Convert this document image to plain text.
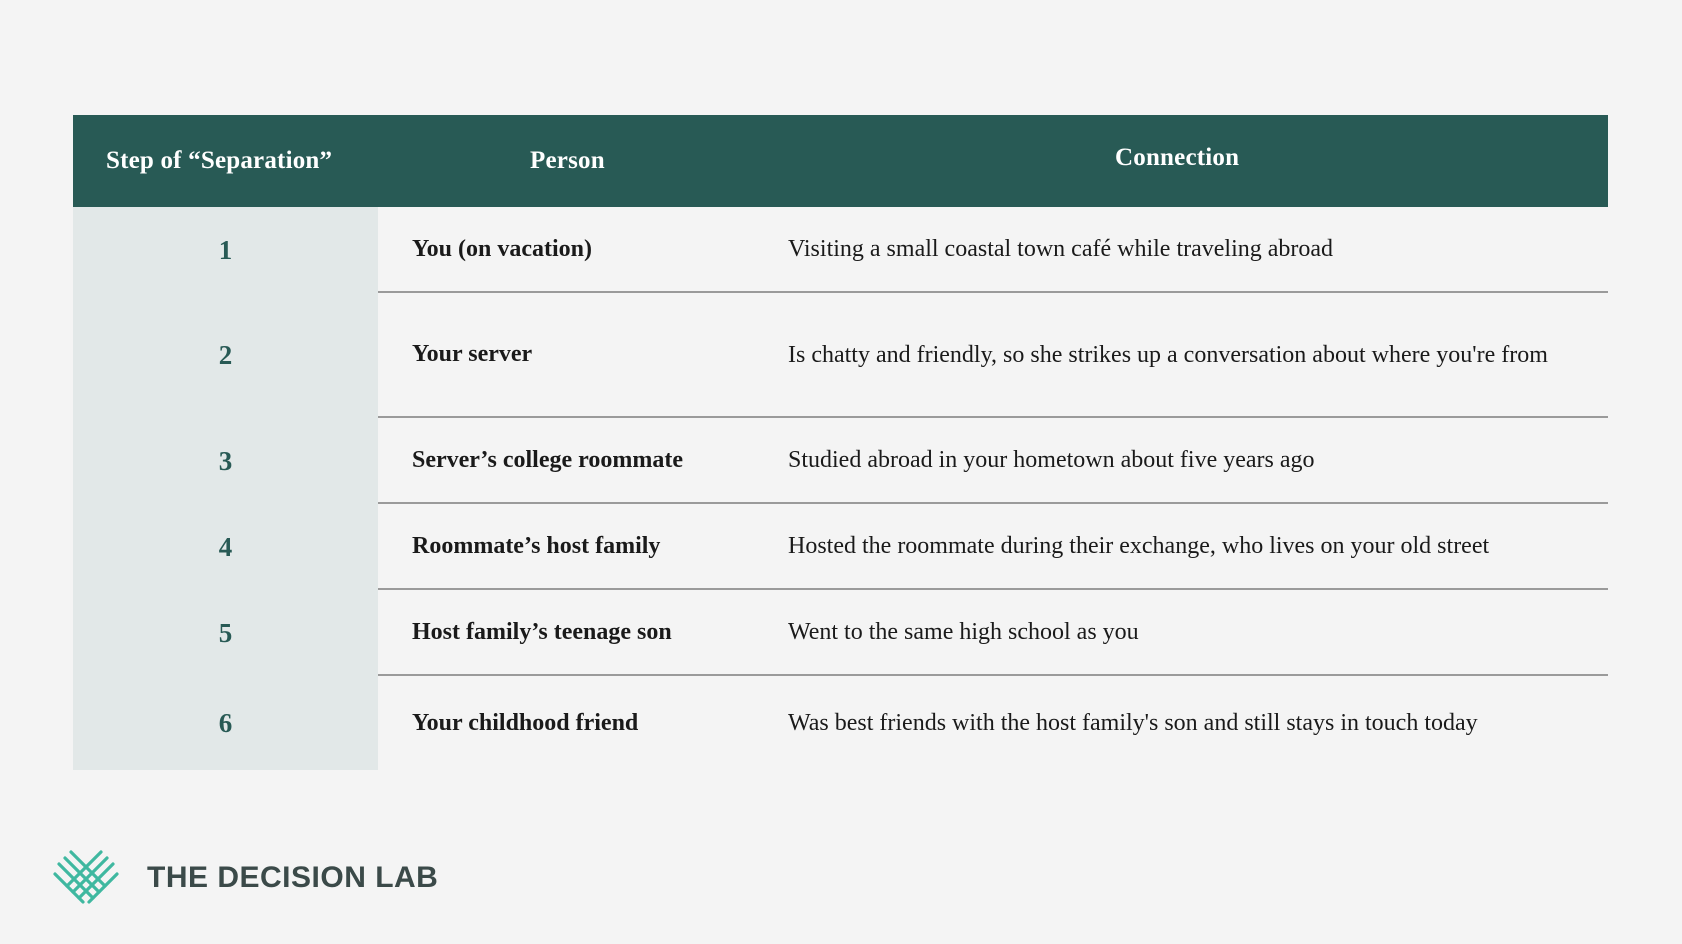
Step of “Separation”	Person	Connection
1	You (on vacation)	Visiting a small coastal town café while traveling abroad
2	Your server	Is chatty and friendly, so she strikes up a conversation about where you're from
3	Server’s college roommate	Studied abroad in your hometown about five years ago
4	Roommate’s host family	Hosted the roommate during their exchange, who lives on your old street
5	Host family’s teenage son	Went to the same high school as you
6	Your childhood friend	Was best friends with the host family's son and still stays in touch today
THE DECISION LAB
